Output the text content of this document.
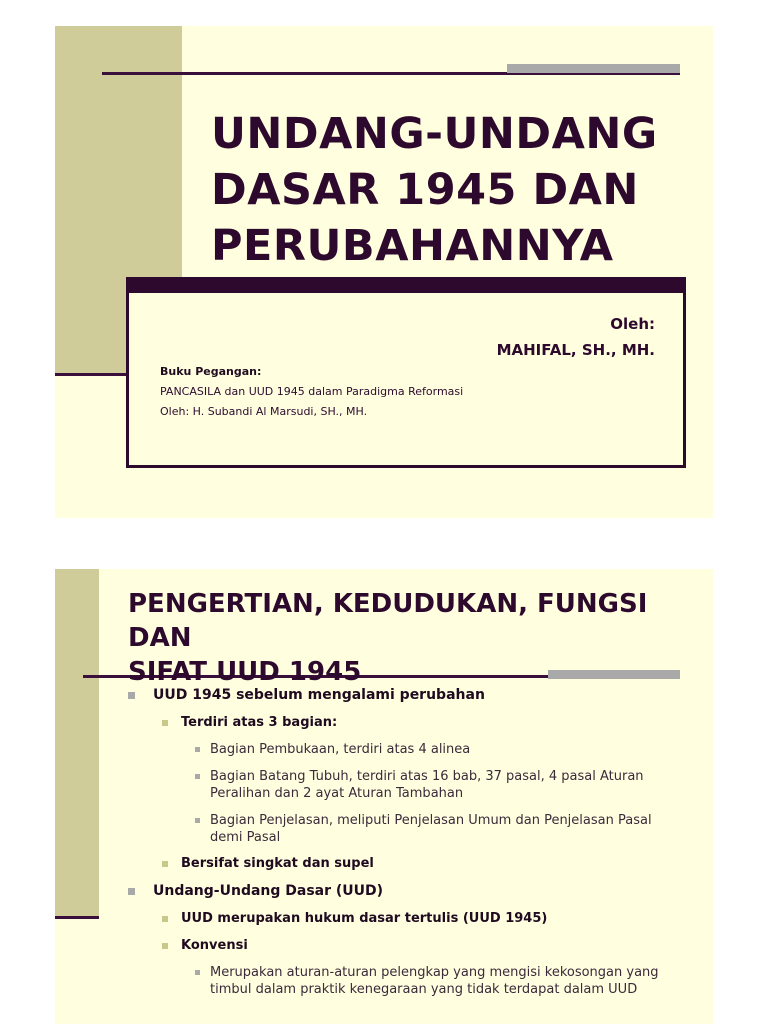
UNDANG-UNDANG
DASAR 1945 DAN
PERUBAHANNYA
Oleh:
MAHIFAL, SH., MH.
Buku Pegangan:
PANCASILA dan UUD 1945 dalam Paradigma Reformasi
Oleh: H. Subandi Al Marsudi, SH., MH.
PENGERTIAN, KEDUDUKAN, FUNGSI DAN
SIFAT UUD 1945
UUD 1945 sebelum mengalami perubahan
Terdiri atas 3 bagian:
Bagian Pembukaan, terdiri atas 4 alinea
Bagian Batang Tubuh, terdiri atas 16 bab, 37 pasal, 4 pasal Aturan Peralihan dan 2 ayat Aturan Tambahan
Bagian Penjelasan, meliputi Penjelasan Umum dan Penjelasan Pasal demi Pasal
Bersifat singkat dan supel
Undang-Undang Dasar (UUD)
UUD merupakan hukum dasar tertulis (UUD 1945)
Konvensi
Merupakan aturan-aturan pelengkap yang mengisi kekosongan yang timbul dalam praktik kenegaraan yang tidak terdapat dalam UUD
